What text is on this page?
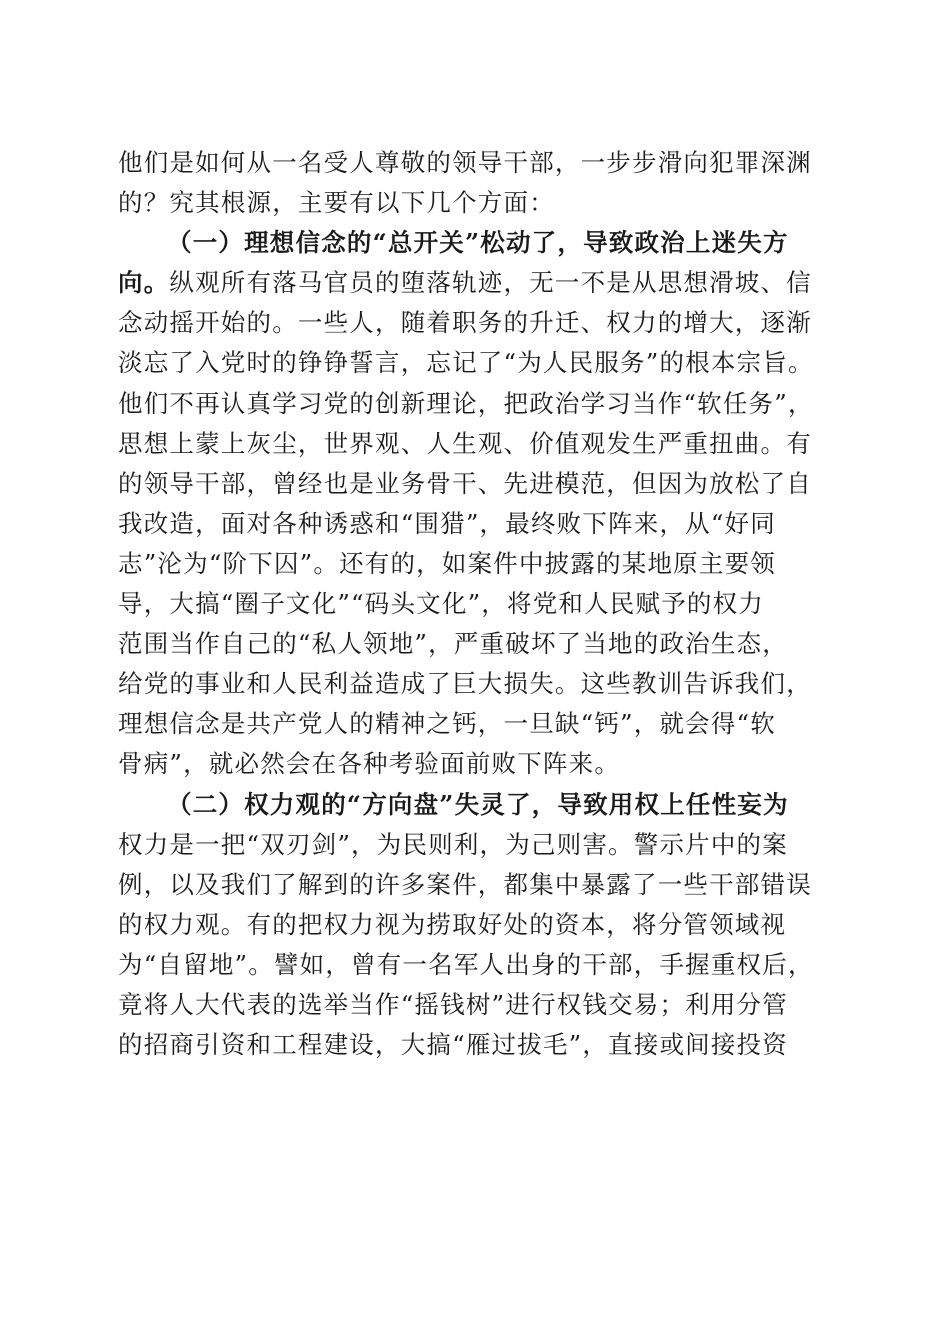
他们是如何从一名受人尊敬的领导干部，一步步滑向犯罪深渊
的？究其根源，主要有以下几个方面：
（一）理想信念的“总开关”松动了，导致政治上迷失方
向。纵观所有落马官员的堕落轨迹，无一不是从思想滑坡、信
念动摇开始的。一些人，随着职务的升迁、权力的增大，逐渐
淡忘了入党时的铮铮誓言，忘记了“为人民服务”的根本宗旨。
他们不再认真学习党的创新理论，把政治学习当作“软任务”，
思想上蒙上灰尘，世界观、人生观、价值观发生严重扭曲。有
的领导干部，曾经也是业务骨干、先进模范，但因为放松了自
我改造，面对各种诱惑和“围猎”，最终败下阵来，从“好同
志”沦为“阶下囚”。还有的，如案件中披露的某地原主要领
导，大搞“圈子文化”“码头文化”，将党和人民赋予的权力
范围当作自己的“私人领地”，严重破坏了当地的政治生态，
给党的事业和人民利益造成了巨大损失。这些教训告诉我们，
理想信念是共产党人的精神之钙，一旦缺“钙”，就会得“软
骨病”，就必然会在各种考验面前败下阵来。
（二）权力观的“方向盘”失灵了，导致用权上任性妄为
权力是一把“双刃剑”，为民则利，为己则害。警示片中的案
例，以及我们了解到的许多案件，都集中暴露了一些干部错误
的权力观。有的把权力视为捞取好处的资本，将分管领域视
为“自留地”。譬如，曾有一名军人出身的干部，手握重权后，
竟将人大代表的选举当作“摇钱树”进行权钱交易；利用分管
的招商引资和工程建设，大搞“雁过拔毛”，直接或间接投资
